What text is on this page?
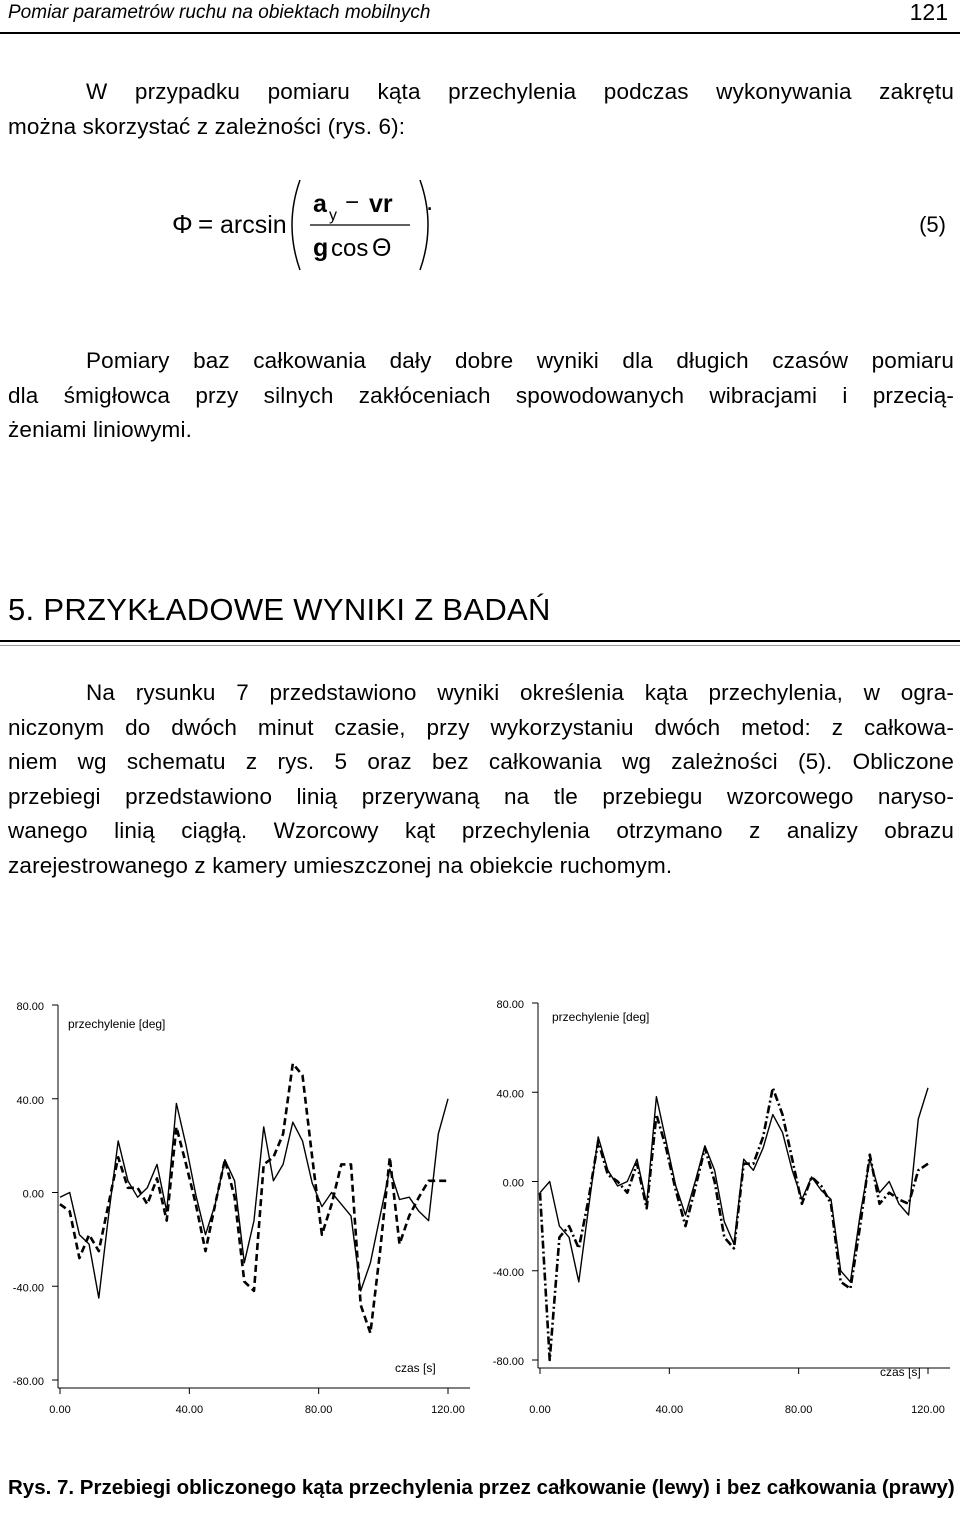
Pomiar parametrów ruchu na obiektach mobilnych	121
W przypadku pomiaru kąta przechylenia podczas wykonywania zakrętu
można skorzystać z zależności (rys. 6):
Φ = arcsin
a y − vr
g cos Θ
.
(5)
Pomiary baz całkowania dały dobre wyniki dla długich czasów pomiaru
dla śmigłowca przy silnych zakłóceniach spowodowanych wibracjami i przecią-
żeniami liniowymi.
5. PRZYKŁADOWE WYNIKI Z BADAŃ
Na rysunku 7 przedstawiono wyniki określenia kąta przechylenia, w ogra-
niczonym do dwóch minut czasie, przy wykorzystaniu dwóch metod: z całkowa-
niem wg schematu z rys. 5 oraz bez całkowania wg zależności (5). Obliczone
przebiegi przedstawiono linią przerywaną na tle przebiegu wzorcowego naryso-
wanego linią ciągłą. Wzorcowy kąt przechylenia otrzymano z analizy obrazu
zarejestrowanego z kamery umieszczonej na obiekcie ruchomym.
80.00
40.00
0.00
-40.00
-80.00
0.00	40.00	80.00	120.00
przechylenie [deg]
czas [s]
80.00
40.00
0.00
-40.00
-80.00
0.00	40.00	80.00	120.00
przechylenie [deg]
czas [s]
Rys. 7. Przebiegi obliczonego kąta przechylenia przez całkowanie (lewy) i bez całkowania (prawy)
